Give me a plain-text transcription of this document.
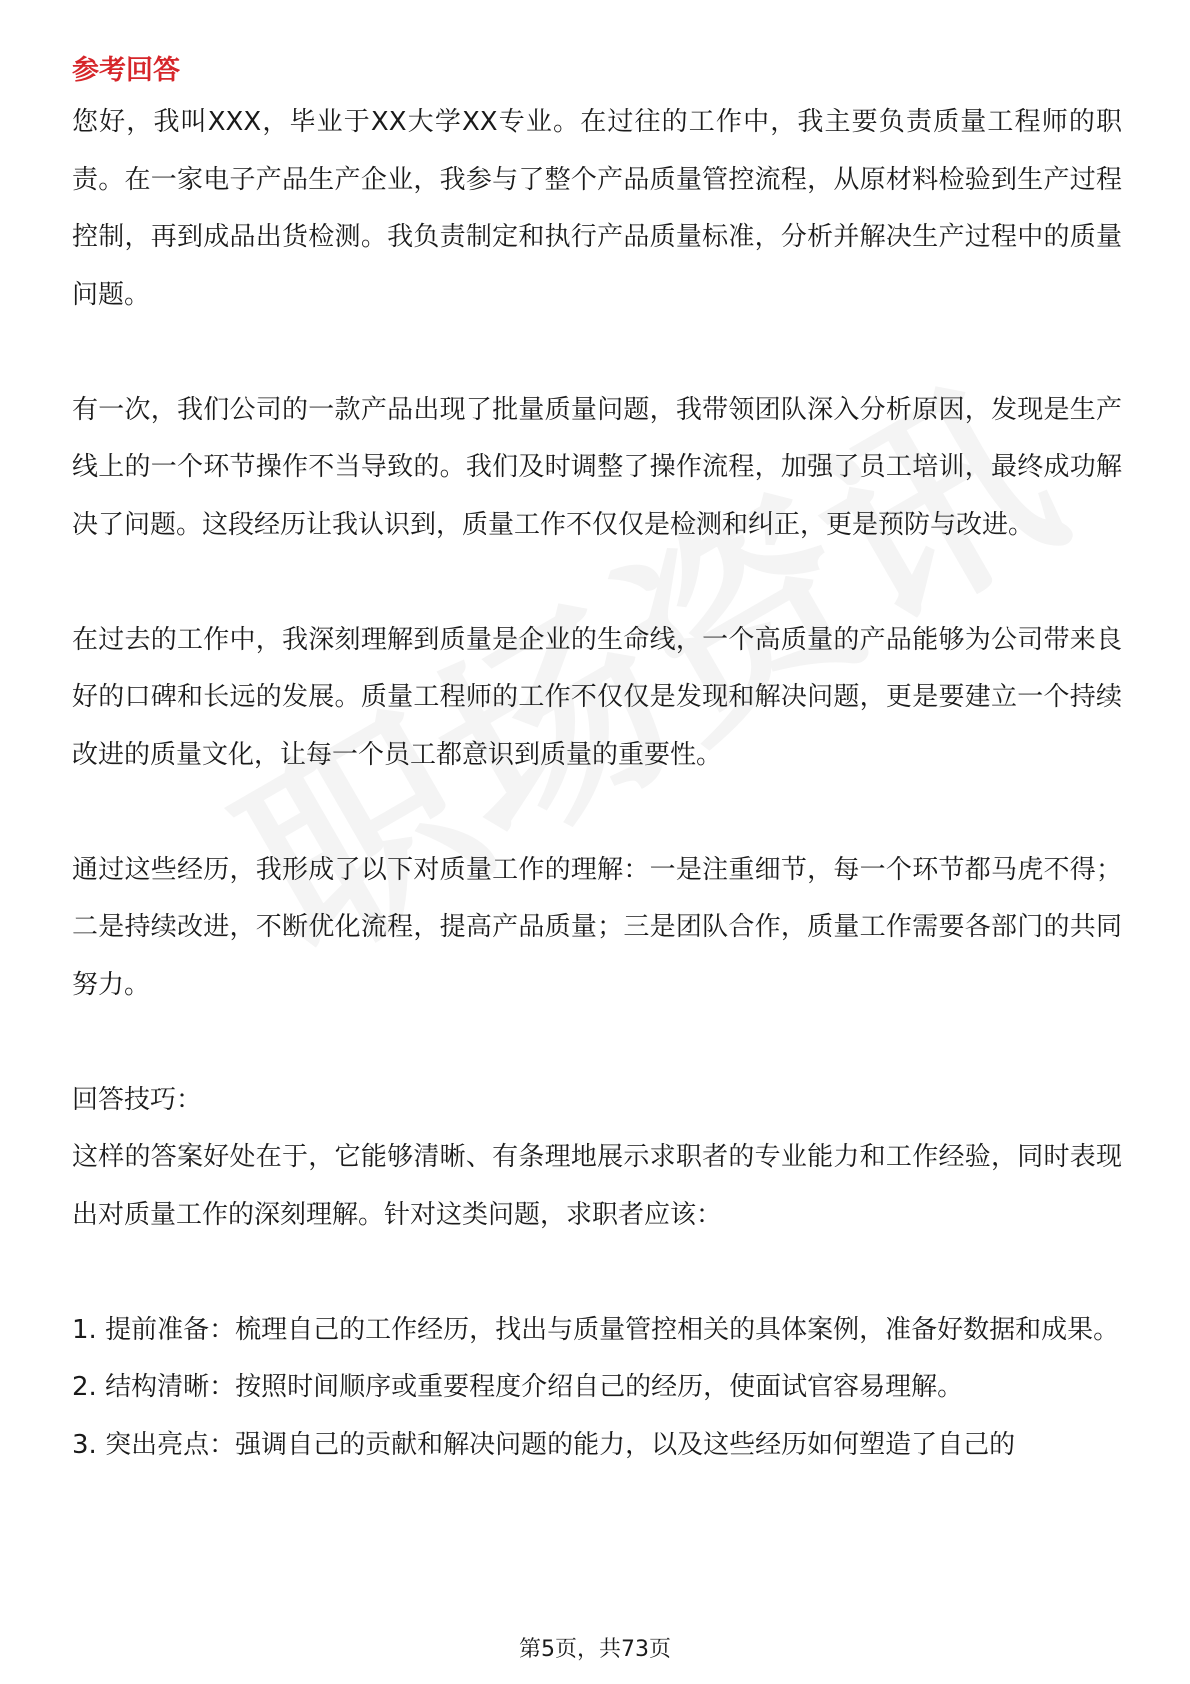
参考回答

您好，我叫XXX，毕业于XX大学XX专业。在过往的工作中，我主要负责质量工程师的职责。在一家电子产品生产企业，我参与了整个产品质量管控流程，从原材料检验到生产过程控制，再到成品出货检测。我负责制定和执行产品质量标准，分析并解决生产过程中的质量问题。

有一次，我们公司的一款产品出现了批量质量问题，我带领团队深入分析原因，发现是生产线上的一个环节操作不当导致的。我们及时调整了操作流程，加强了员工培训，最终成功解决了问题。这段经历让我认识到，质量工作不仅仅是检测和纠正，更是预防与改进。

在过去的工作中，我深刻理解到质量是企业的生命线，一个高质量的产品能够为公司带来良好的口碑和长远的发展。质量工程师的工作不仅仅是发现和解决问题，更是要建立一个持续改进的质量文化，让每一个员工都意识到质量的重要性。

通过这些经历，我形成了以下对质量工作的理解：一是注重细节，每一个环节都马虎不得；二是持续改进，不断优化流程，提高产品质量；三是团队合作，质量工作需要各部门的共同努力。

回答技巧：

这样的答案好处在于，它能够清晰、有条理地展示求职者的专业能力和工作经验，同时表现出对质量工作的深刻理解。针对这类问题，求职者应该：

1. 提前准备：梳理自己的工作经历，找出与质量管控相关的具体案例，准备好数据和成果。

2. 结构清晰：按照时间顺序或重要程度介绍自己的经历，使面试官容易理解。

3. 突出亮点：强调自己的贡献和解决问题的能力，以及这些经历如何塑造了自己的

第5页，共73页
